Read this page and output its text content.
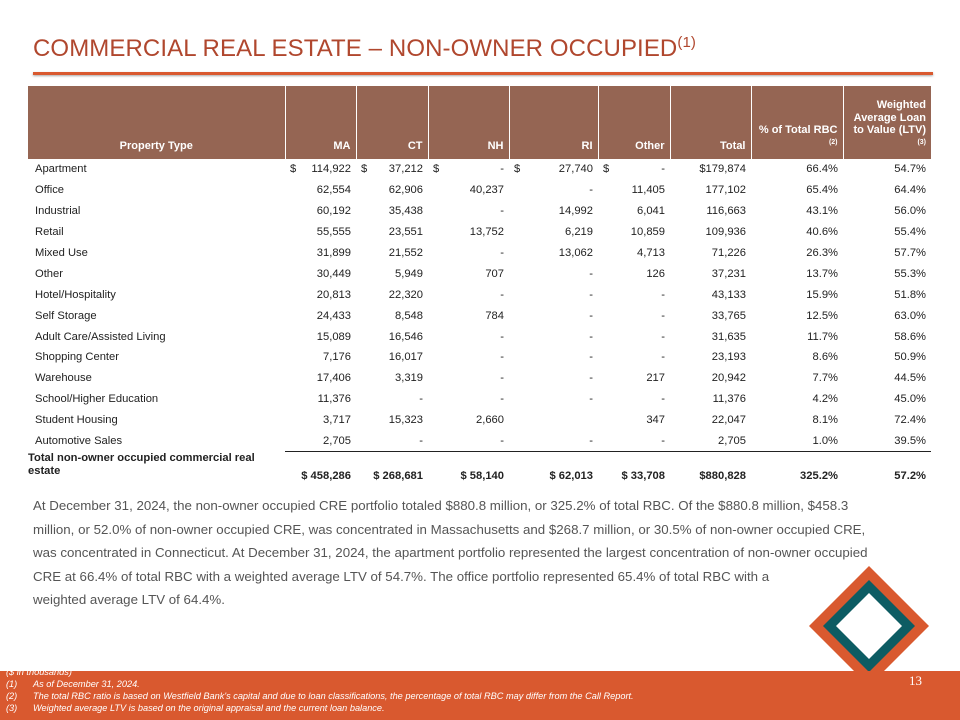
COMMERCIAL REAL ESTATE – NON-OWNER OCCUPIED$^{(1)}$
Property Type	MA	CT	NH	RI	Other	Total	% of Total RBC $^{(2)}$	Weighted Average Loan to Value (LTV) $^{(3)}$
Apartment	$ 114,922	$ 37,212	$ -	$ 27,740	$ -	$179,874	66.4%	54.7%
Office	62,554	62,906	40,237	-	11,405	177,102	65.4%	64.4%
Industrial	60,192	35,438	-	14,992	6,041	116,663	43.1%	56.0%
Retail	55,555	23,551	13,752	6,219	10,859	109,936	40.6%	55.4%
Mixed Use	31,899	21,552	-	13,062	4,713	71,226	26.3%	57.7%
Other	30,449	5,949	707	-	126	37,231	13.7%	55.3%
Hotel/Hospitality	20,813	22,320	-	-	-	43,133	15.9%	51.8%
Self Storage	24,433	8,548	784	-	-	33,765	12.5%	63.0%
Adult Care/Assisted Living	15,089	16,546	-	-	-	31,635	11.7%	58.6%
Shopping Center	7,176	16,017	-	-	-	23,193	8.6%	50.9%
Warehouse	17,406	3,319	-	-	217	20,942	7.7%	44.5%
School/Higher Education	11,376	-	-	-	-	11,376	4.2%	45.0%
Student Housing	3,717	15,323	2,660		347	22,047	8.1%	72.4%
Automotive Sales	2,705	-	-	-	-	2,705	1.0%	39.5%
Total non-owner occupied commercial real estate	$ 458,286	$ 268,681	$ 58,140	$ 62,013	$ 33,708	$880,828	325.2%	57.2%

At December 31, 2024, the non-owner occupied CRE portfolio totaled $880.8 million, or 325.2% of total RBC. Of the $880.8 million, $458.3
million, or 52.0% of non-owner occupied CRE, was concentrated in Massachusetts and $268.7 million, or 30.5% of non-owner occupied CRE,
was concentrated in Connecticut. At December 31, 2024, the apartment portfolio represented the largest concentration of non-owner occupied
CRE at 66.4% of total RBC with a weighted average LTV of 54.7%. The office portfolio represented 65.4% of total RBC with a
weighted average LTV of 64.4%.

($ in thousands)
(1) As of December 31, 2024.
(2) The total RBC ratio is based on Westfield Bank's capital and due to loan classifications, the percentage of total RBC may differ from the Call Report.
(3) Weighted average LTV is based on the original appraisal and the current loan balance.
13
